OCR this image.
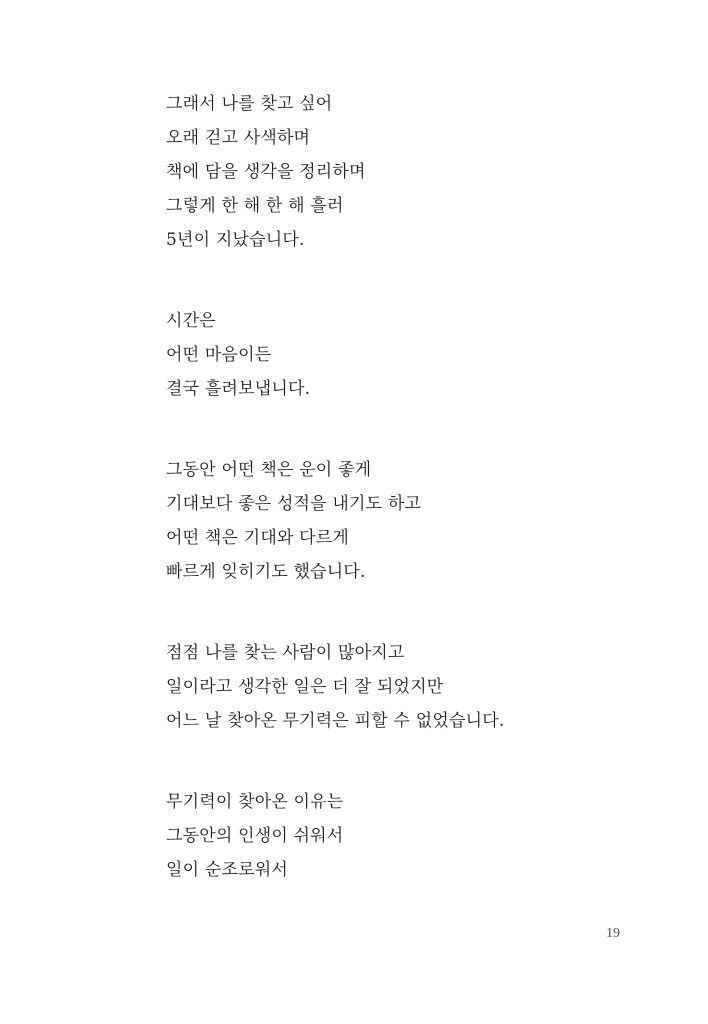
그래서 나를 찾고 싶어
오래 걷고 사색하며
책에 담을 생각을 정리하며
그렇게 한 해 한 해 흘러
5년이 지났습니다.
시간은
어떤 마음이든
결국 흘려보냅니다.
그동안 어떤 책은 운이 좋게
기대보다 좋은 성적을 내기도 하고
어떤 책은 기대와 다르게
빠르게 잊히기도 했습니다.
점점 나를 찾는 사람이 많아지고
일이라고 생각한 일은 더 잘 되었지만
어느 날 찾아온 무기력은 피할 수 없었습니다.
무기력이 찾아온 이유는
그동안의 인생이 쉬워서
일이 순조로워서
19
